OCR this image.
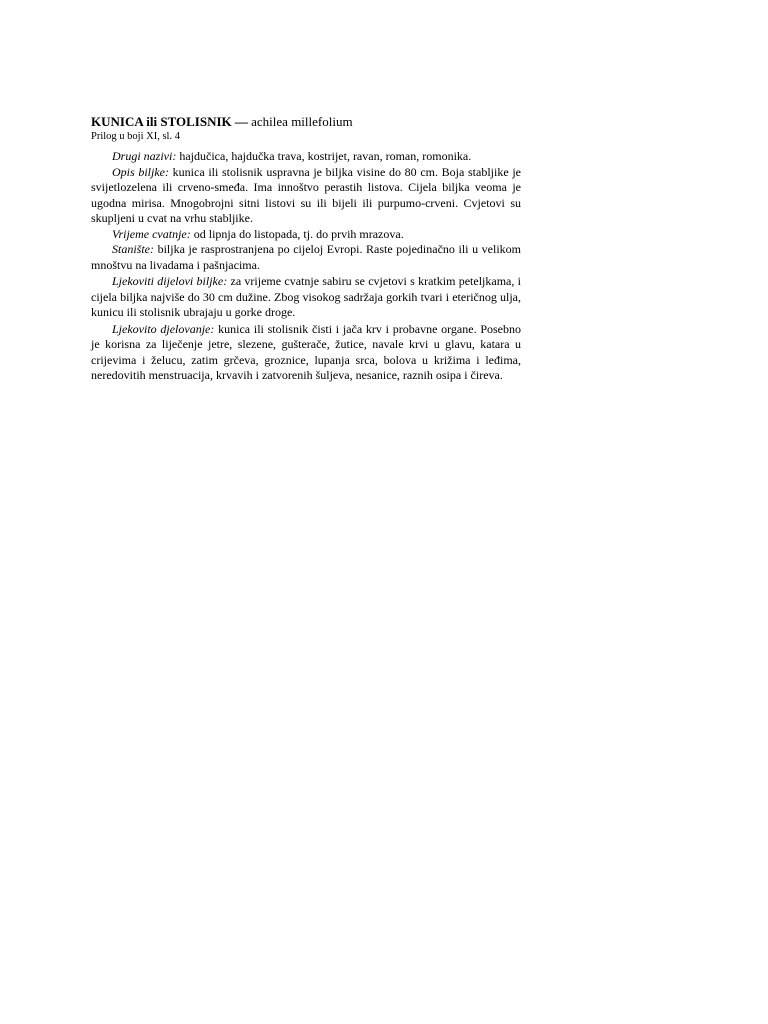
KUNICA ili STOLISNIK — achilea millefolium

Prilog u boji XI, sl. 4

Drugi nazivi: hajdučica, hajdučka trava, kostrijet, ravan, roman, romonika.

Opis biljke: kunica ili stolisnik uspravna je biljka visine do 80 cm. Boja stabljike je svijetlozelena ili crveno-smeđa. Ima innoštvo perastih listova. Cijela biljka veoma je ugodna mirisa. Mnogobrojni sitni listovi su ili bijeli ili purpumo-crveni. Cvjetovi su skupljeni u cvat na vrhu stabljike.

Vrijeme cvatnje: od lipnja do listopada, tj. do prvih mrazova.

Stanište: biljka je rasprostranjena po cijeloj Evropi. Raste pojedinačno ili u velikom mnoštvu na livadama i pašnjacima.

Ljekoviti dijelovi biljke: za vrijeme cvatnje sabiru se cvjetovi s kratkim peteljkama, i cijela biljka najviše do 30 cm dužine. Zbog visokog sadržaja gorkih tvari i eteričnog ulja, kunicu ili stolisnik ubrajaju u gorke droge.

Ljekovito djelovanje: kunica ili stolisnik čisti i jača krv i probavne organe. Posebno je korisna za liječenje jetre, slezene, gušterače, žutice, navale krvi u glavu, katara u crijevima i želucu, zatim grčeva, groznice, lupanja srca, bolova u križima i leđima, neredovitih menstruacija, krvavih i zatvorenih šuljeva, nesanice, raznih osipa i čireva.
